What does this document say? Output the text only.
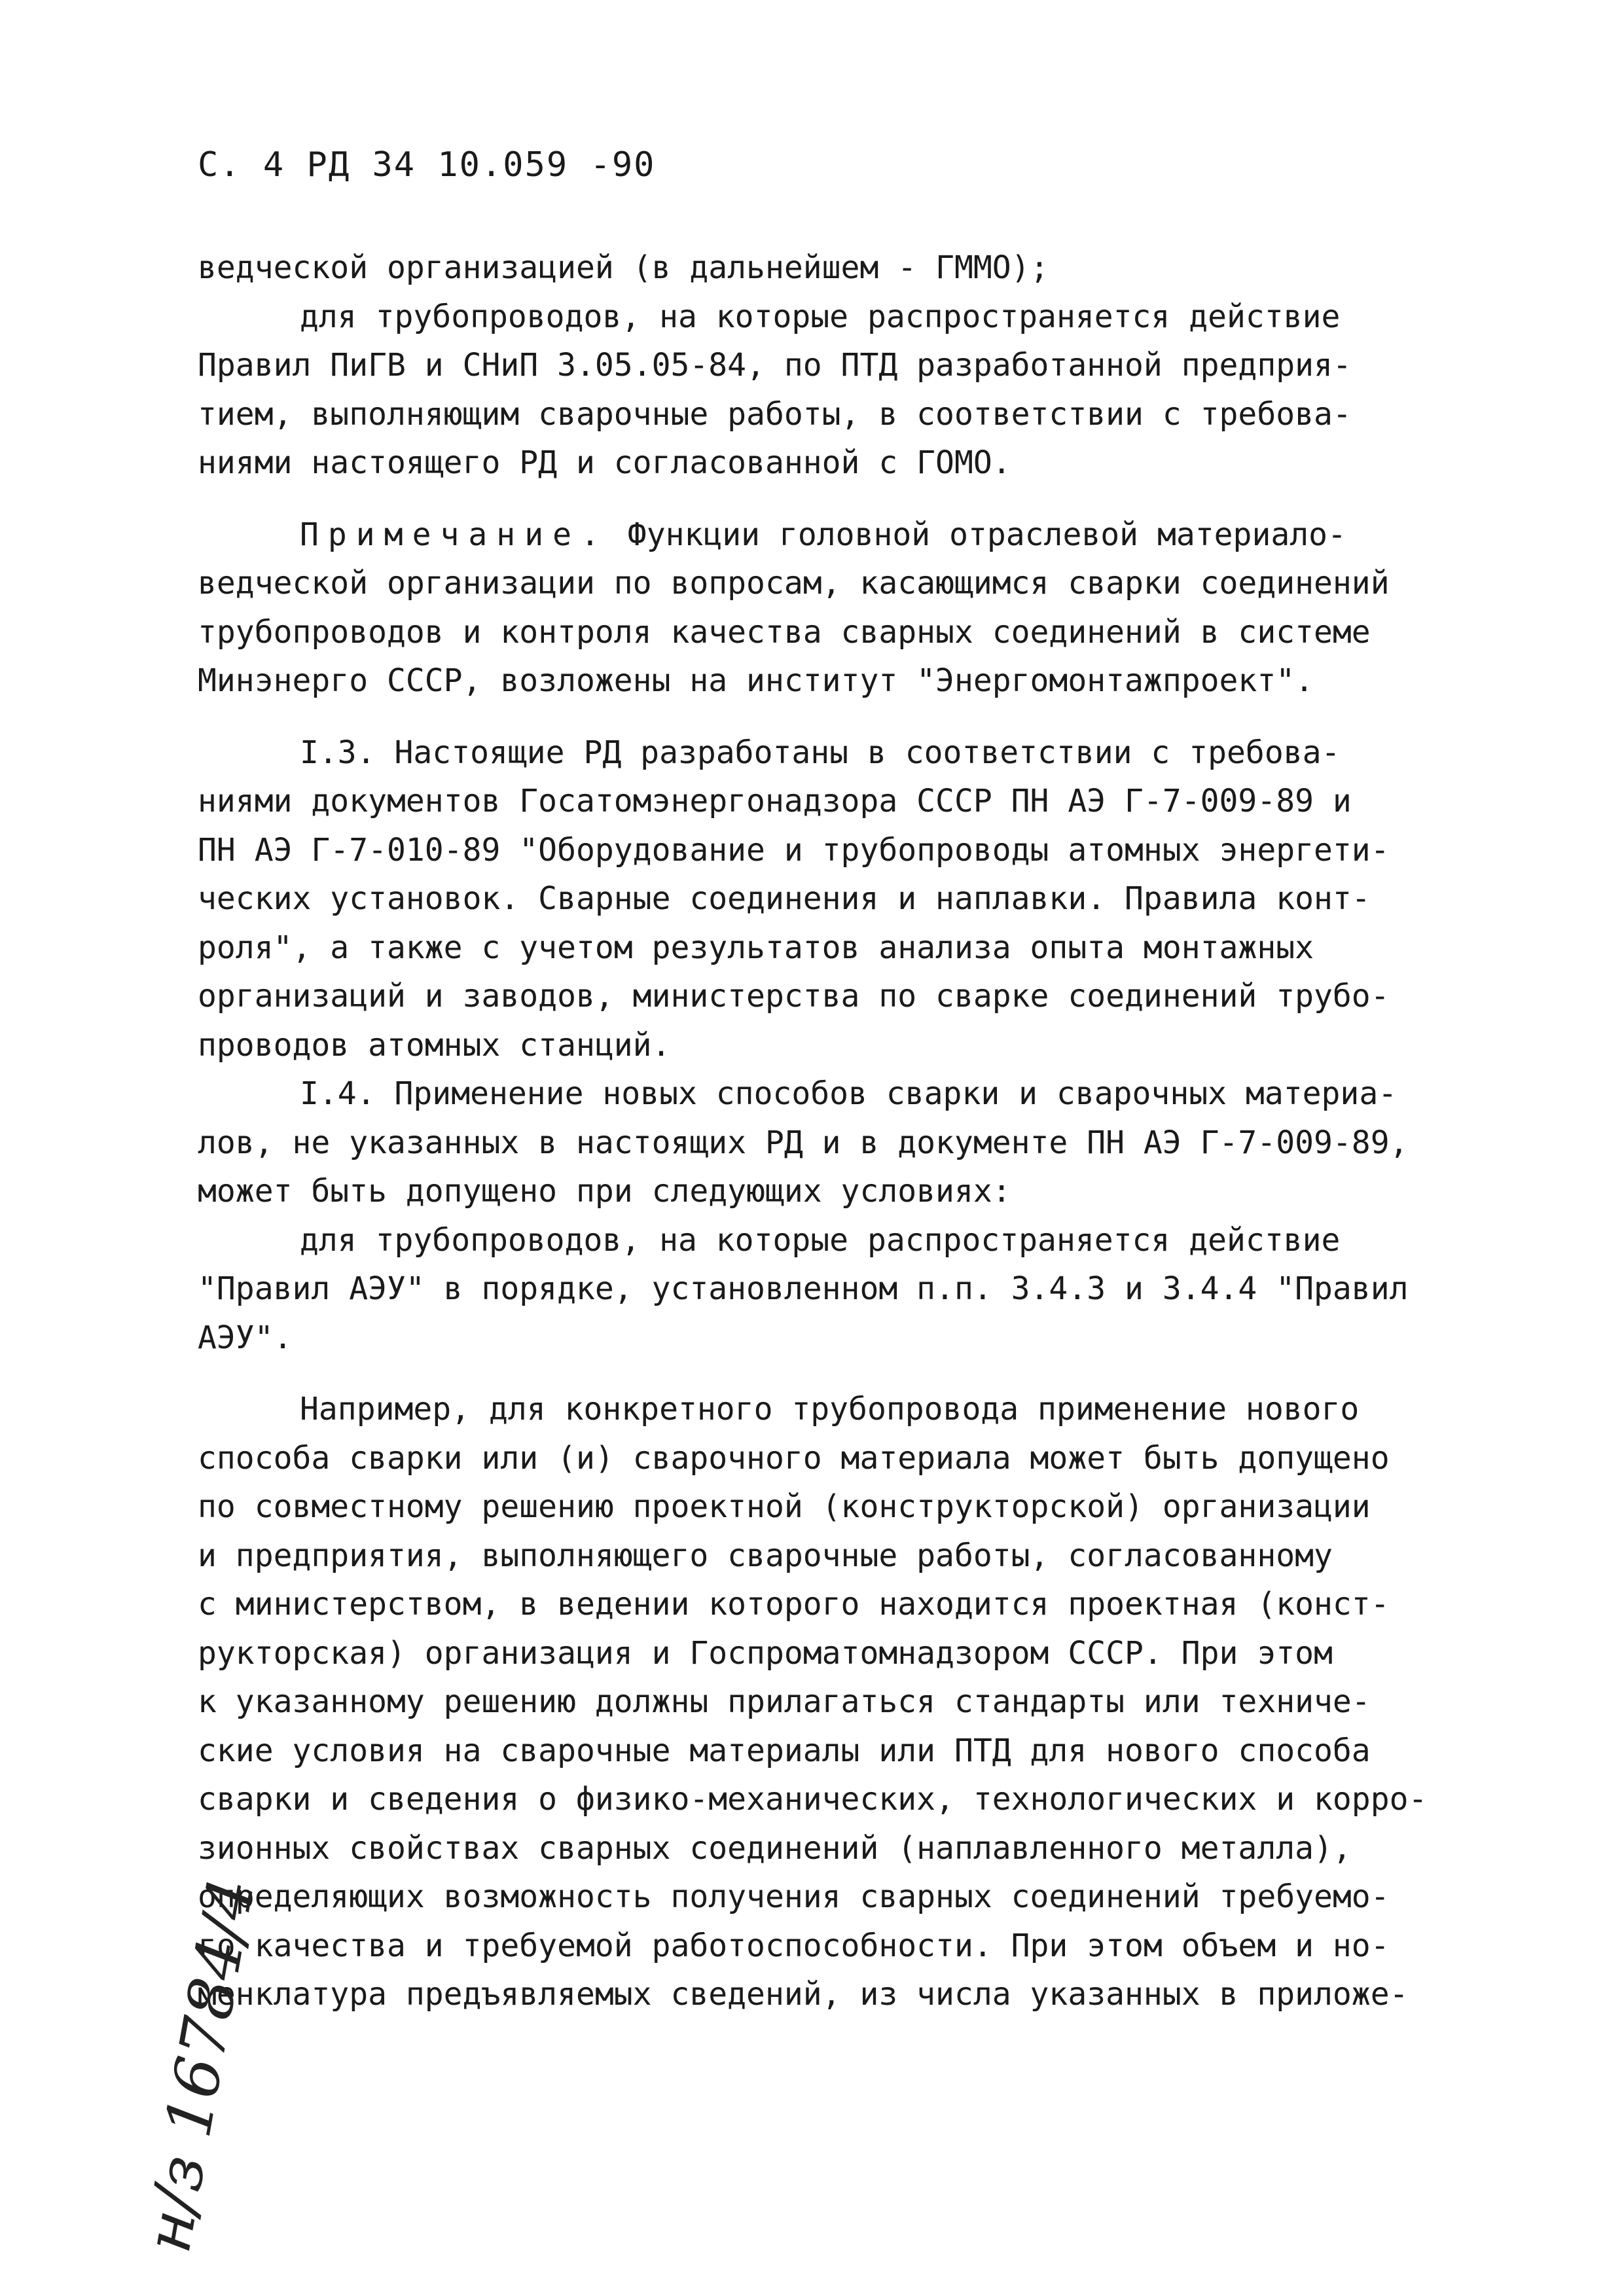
С. 4 РД 34 10.059 -90
ведческой организацией (в дальнейшем - ГММО);
для трубопроводов, на которые распространяется действие
Правил ПиГВ и СНиП 3.05.05-84, по ПТД разработанной предприя-
тием, выполняющим сварочные работы, в соответствии с требова-
ниями настоящего РД и согласованной с ГОМО.
Примечание. Функции головной отраслевой материало-
ведческой организации по вопросам, касающимся сварки соединений
трубопроводов и контроля качества сварных соединений в системе
Минэнерго СССР, возложены на институт "Энергомонтажпроект".
I.3. Настоящие РД разработаны в соответствии с требова-
ниями документов Госатомэнергонадзора СССР ПН АЭ Г-7-009-89 и
ПН АЭ Г-7-010-89 "Оборудование и трубопроводы атомных энергети-
ческих установок. Сварные соединения и наплавки. Правила конт-
роля", а также с учетом результатов анализа опыта монтажных
организаций и заводов, министерства по сварке соединений трубо-
проводов атомных станций.
I.4. Применение новых способов сварки и сварочных материа-
лов, не указанных в настоящих РД и в документе ПН АЭ Г-7-009-89,
может быть допущено при следующих условиях:
для трубопроводов, на которые распространяется действие
"Правил АЭУ" в порядке, установленном п.п. 3.4.3 и 3.4.4 "Правил
АЭУ".
Например, для конкретного трубопровода применение нового
способа сварки или (и) сварочного материала может быть допущено
по совместному решению проектной (конструкторской) организации
и предприятия, выполняющего сварочные работы, согласованному
с министерством, в ведении которого находится проектная (конст-
рукторская) организация и Госпроматомнадзором СССР. При этом
к указанному решению должны прилагаться стандарты или техниче-
ские условия на сварочные материалы или ПТД для нового способа
сварки и сведения о физико-механических, технологических и корро-
зионных свойствах сварных соединений (наплавленного металла),
определяющих возможность получения сварных соединений требуемо-
го качества и требуемой работоспособности. При этом объем и но-
менклатура предъявляемых сведений, из числа указанных в приложе-
н/з 16784/4
